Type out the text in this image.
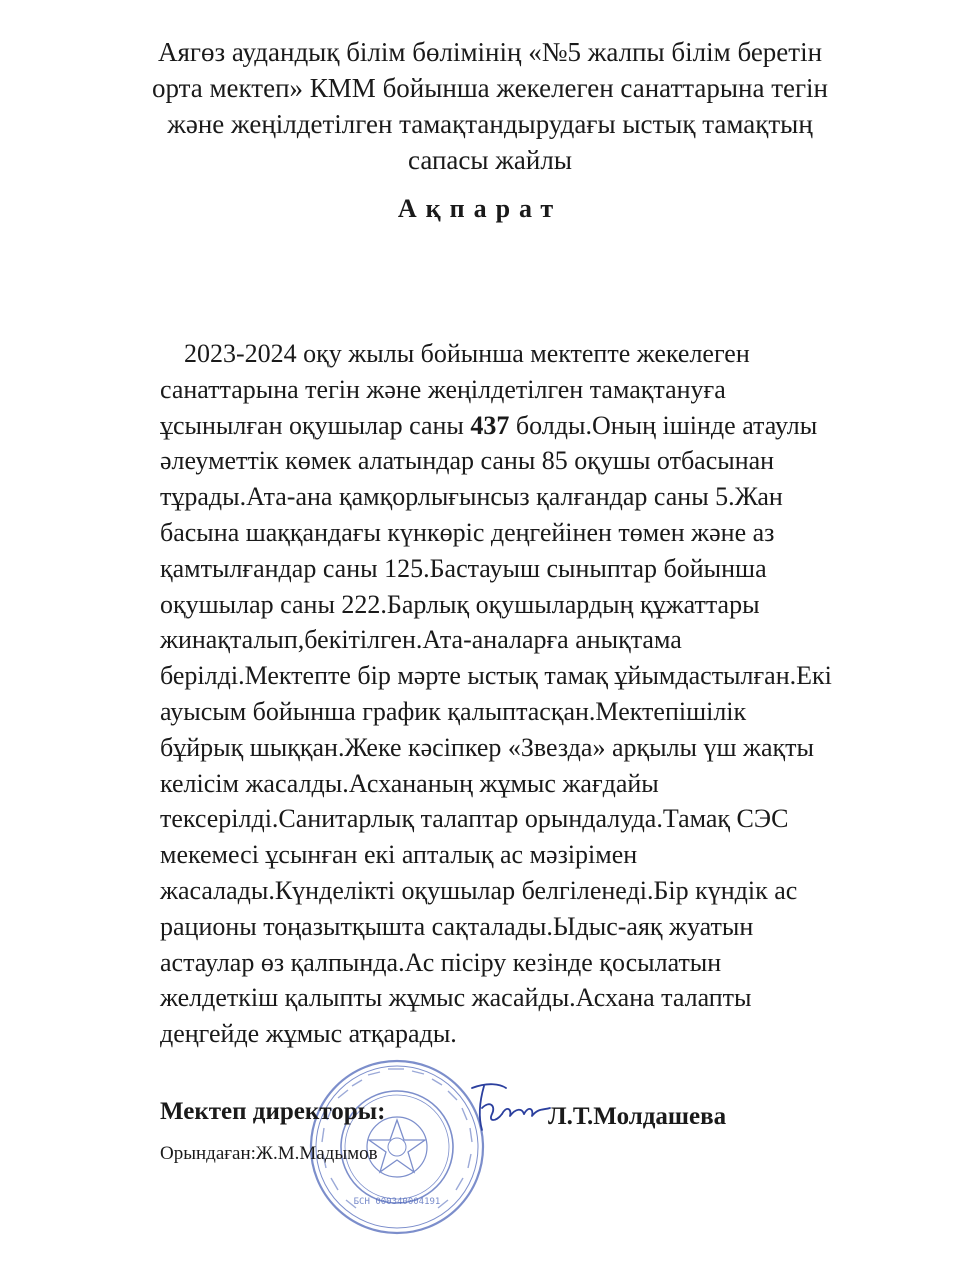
Аягөз аудандық білім бөлімінің «№5 жалпы білім беретін
орта мектеп» КММ бойынша жекелеген санаттарына тегін
және жеңілдетілген тамақтандырудағы ыстық тамақтың
сапасы жайлы
Ақпарат
2023-2024 оқу жылы бойынша мектепте жекелеген
санаттарына тегін және жеңілдетілген тамақтануға
ұсынылған оқушылар саны 437 болды.Оның ішінде атаулы
әлеуметтік көмек алатындар саны 85 оқушы отбасынан
тұрады.Ата-ана қамқорлығынсыз қалғандар саны 5.Жан
басына шаққандағы күнкөріс деңгейінен төмен және аз
қамтылғандар саны 125.Бастауыш сыныптар бойынша
оқушылар саны 222.Барлық оқушылардың құжаттары
жинақталып,бекітілген.Ата-аналарға анықтама
берілді.Мектепте бір мәрте ыстық тамақ ұйымдастылған.Екі
ауысым бойынша график қалыптасқан.Мектепішілік
бұйрық шыққан.Жеке кәсіпкер «Звезда» арқылы үш жақты
келісім жасалды.Асхананың жұмыс жағдайы
тексерілді.Санитарлық талаптар орындалуда.Тамақ СЭС
мекемесі ұсынған екі апталық ас мәзірімен
жасалады.Күнделікті оқушылар белгіленеді.Бір күндік ас
рационы тоңазытқышта сақталады.Ыдыс-аяқ жуатын
астаулар өз қалпында.Ас пісіру кезінде қосылатын
желдеткіш қалыпты жұмыс жасайды.Асхана талапты
деңгейде жұмыс атқарады.
БСН 000340004191
Мектеп директоры:	Л.Т.Молдашева
Орындаған:Ж.М.Мадымов
